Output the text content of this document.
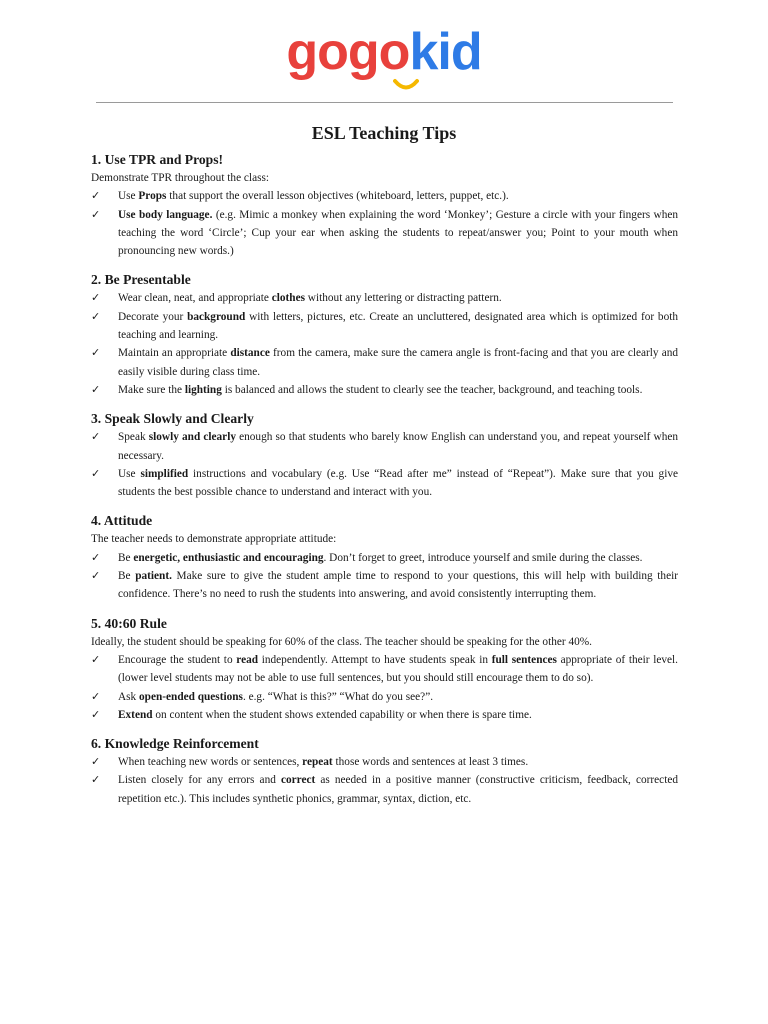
gogokid
ESL Teaching Tips
1. Use TPR and Props!
Demonstrate TPR throughout the class:
✓	Use Props that support the overall lesson objectives (whiteboard, letters, puppet, etc.).
✓	Use body language. (e.g. Mimic a monkey when explaining the word ‘Monkey’; Gesture a circle with your fingers when teaching the word ‘Circle’; Cup your ear when asking the students to repeat/answer you; Point to your mouth when pronouncing new words.)
2. Be Presentable
✓	Wear clean, neat, and appropriate clothes without any lettering or distracting pattern.
✓	Decorate your background with letters, pictures, etc. Create an uncluttered, designated area which is optimized for both teaching and learning.
✓	Maintain an appropriate distance from the camera, make sure the camera angle is front-facing and that you are clearly and easily visible during class time.
✓	Make sure the lighting is balanced and allows the student to clearly see the teacher, background, and teaching tools.
3. Speak Slowly and Clearly
✓	Speak slowly and clearly enough so that students who barely know English can understand you, and repeat yourself when necessary.
✓	Use simplified instructions and vocabulary (e.g. Use “Read after me” instead of “Repeat”). Make sure that you give students the best possible chance to understand and interact with you.
4. Attitude
The teacher needs to demonstrate appropriate attitude:
✓	Be energetic, enthusiastic and encouraging. Don’t forget to greet, introduce yourself and smile during the classes.
✓	Be patient. Make sure to give the student ample time to respond to your questions, this will help with building their confidence. There’s no need to rush the students into answering, and avoid consistently interrupting them.
5. 40:60 Rule
Ideally, the student should be speaking for 60% of the class. The teacher should be speaking for the other 40%.
✓	Encourage the student to read independently. Attempt to have students speak in full sentences appropriate of their level. (lower level students may not be able to use full sentences, but you should still encourage them to do so).
✓	Ask open-ended questions. e.g. “What is this?” “What do you see?”.
✓	Extend on content when the student shows extended capability or when there is spare time.
6. Knowledge Reinforcement
✓	When teaching new words or sentences, repeat those words and sentences at least 3 times.
✓	Listen closely for any errors and correct as needed in a positive manner (constructive criticism, feedback, corrected repetition etc.). This includes synthetic phonics, grammar, syntax, diction, etc.
